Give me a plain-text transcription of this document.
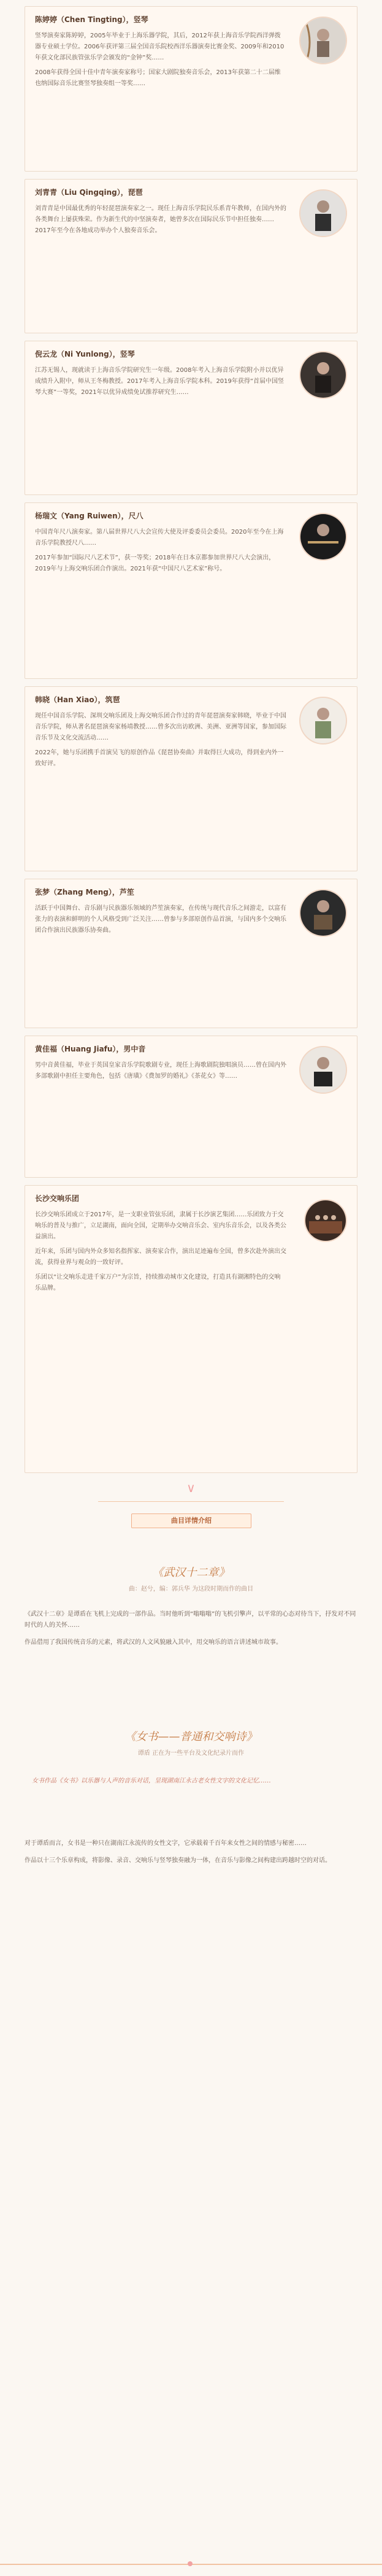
陈婷婷（Chen Tingting），竖琴

竖琴演奏家陈婷婷，2005年毕业于上海乐器学院，其后，2012年获上海音乐学院西洋弹拨器专业硕士学位。2006年获评第三届全国音乐院校西洋乐器演奏比赛金奖、2009年和2010年获文化部民族管弦乐学会颁发的“金钟”奖……

2008年获得全国十佳中青年演奏家称号；国家大剧院独奏音乐会，2013年获第二十二届维也纳国际音乐比赛竖琴独奏组一等奖……

刘青青（Liu Qingqing），琵琶

刘青青是中国最优秀的年轻琵琶演奏家之一。现任上海音乐学院民乐系青年教师，在国内外的各类舞台上屡获殊荣。作为新生代的中坚演奏者，她曾多次在国际民乐节中担任独奏……2017年至今在各地成功举办个人独奏音乐会。

倪云龙（Ni Yunlong），竖琴

江苏无锡人，现就读于上海音乐学院研究生一年级。2008年考入上海音乐学院附小并以优异成绩升入附中，师从王冬梅教授。2017年考入上海音乐学院本科。2019年获得“首届中国竖琴大赛”一等奖，2021年以优异成绩免试推荐研究生……

杨瑞文（Yang Ruiwen），尺八

中国青年尺八演奏家。第八届世界尺八大会宣传大使及评委委员会委员。2020年至今在上海音乐学院教授尺八……

2017年参加“国际尺八艺术节”，获一等奖；2018年在日本京都参加世界尺八大会演出，2019年与上海交响乐团合作演出。2021年获“中国尺八艺术家”称号。

韩晓（Han Xiao），筑琶

现任中国音乐学院、深圳交响乐团及上海交响乐团合作过的青年琵琶演奏家韩晓，毕业于中国音乐学院，师从著名琵琶演奏家杨靖教授……曾多次出访欧洲、美洲、亚洲等国家，参加国际音乐节及文化交流活动……

2022年，她与乐团携手首演吴飞的原创作品《琵琶协奏曲》并取得巨大成功，得到业内外一致好评。

张梦（Zhang Meng），芦笙

活跃于中国舞台、音乐剧与民族器乐领域的芦笙演奏家，在传统与现代音乐之间游走，以富有张力的表演和鲜明的个人风格受到广泛关注……曾参与多部原创作品首演，与国内多个交响乐团合作演出民族器乐协奏曲。

黄佳福（Huang Jiafu），男中音

男中音黄佳福，毕业于英国皇家音乐学院歌剧专业，现任上海歌剧院独唱演员……曾在国内外多部歌剧中担任主要角色，包括《唐璜》《费加罗的婚礼》《茶花女》等……

长沙交响乐团

长沙交响乐团成立于2017年，是一支职业管弦乐团，隶属于长沙演艺集团……乐团致力于交响乐的普及与推广，立足湖南，面向全国，定期举办交响音乐会、室内乐音乐会，以及各类公益演出。

近年来，乐团与国内外众多知名指挥家、演奏家合作，演出足迹遍布全国，曾多次赴外演出交流，获得业界与观众的一致好评。

乐团以“让交响乐走进千家万户”为宗旨，持续推动城市文化建设，打造具有湖湘特色的交响乐品牌。

∨
曲目详情介绍
《武汉十二章》
曲：赵兮，编：郭兵华 为这段时期而作的曲目

《武汉十二章》是谭盾在飞机上完成的一部作品。当时他听到“嗡嗡嗡”的飞机引擎声，以平常的心态对待当下，抒发对不同时代的人的关怀……

作品借用了我国传统音乐的元素，将武汉的人文风貌融入其中，用交响乐的语言讲述城市故事。

《女书——普通和交响诗》
谭盾 正在为一些平台及文化纪录片而作
女书作品《女书》以乐器与人声的音乐对话，呈现湖南江永古老女性文字的文化记忆……

对于谭盾而言，女书是一种只在湖南江永流传的女性文字，它承载着千百年来女性之间的情感与秘密……

作品以十三个乐章构成，将影像、录音、交响乐与竖琴独奏融为一体，在音乐与影像之间构建出跨越时空的对话。
